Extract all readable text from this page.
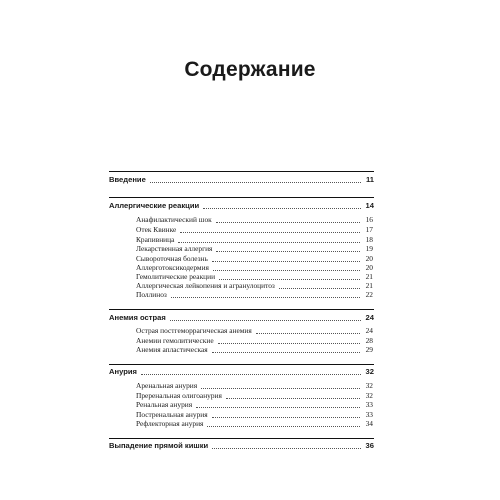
Содержание
Введение	11
Аллергические реакции	14
Анафилактический шок	16
Отек Квинке	17
Крапивница	18
Лекарственная аллергия	19
Сывороточная болезнь	20
Аллерготоксикодермия	20
Гемолитические реакции	21
Аллергическая лейкопения и агранулоцитоз	21
Поллиноз	22
Анемия острая	24
Острая постгеморрагическая анемия	24
Анемии гемолитические	28
Анемия апластическая	29
Анурия	32
Аренальная анурия	32
Преренальная олигоанурия	32
Ренальная анурия	33
Постренальная анурия	33
Рефлекторная анурия	34
Выпадение прямой кишки	36
